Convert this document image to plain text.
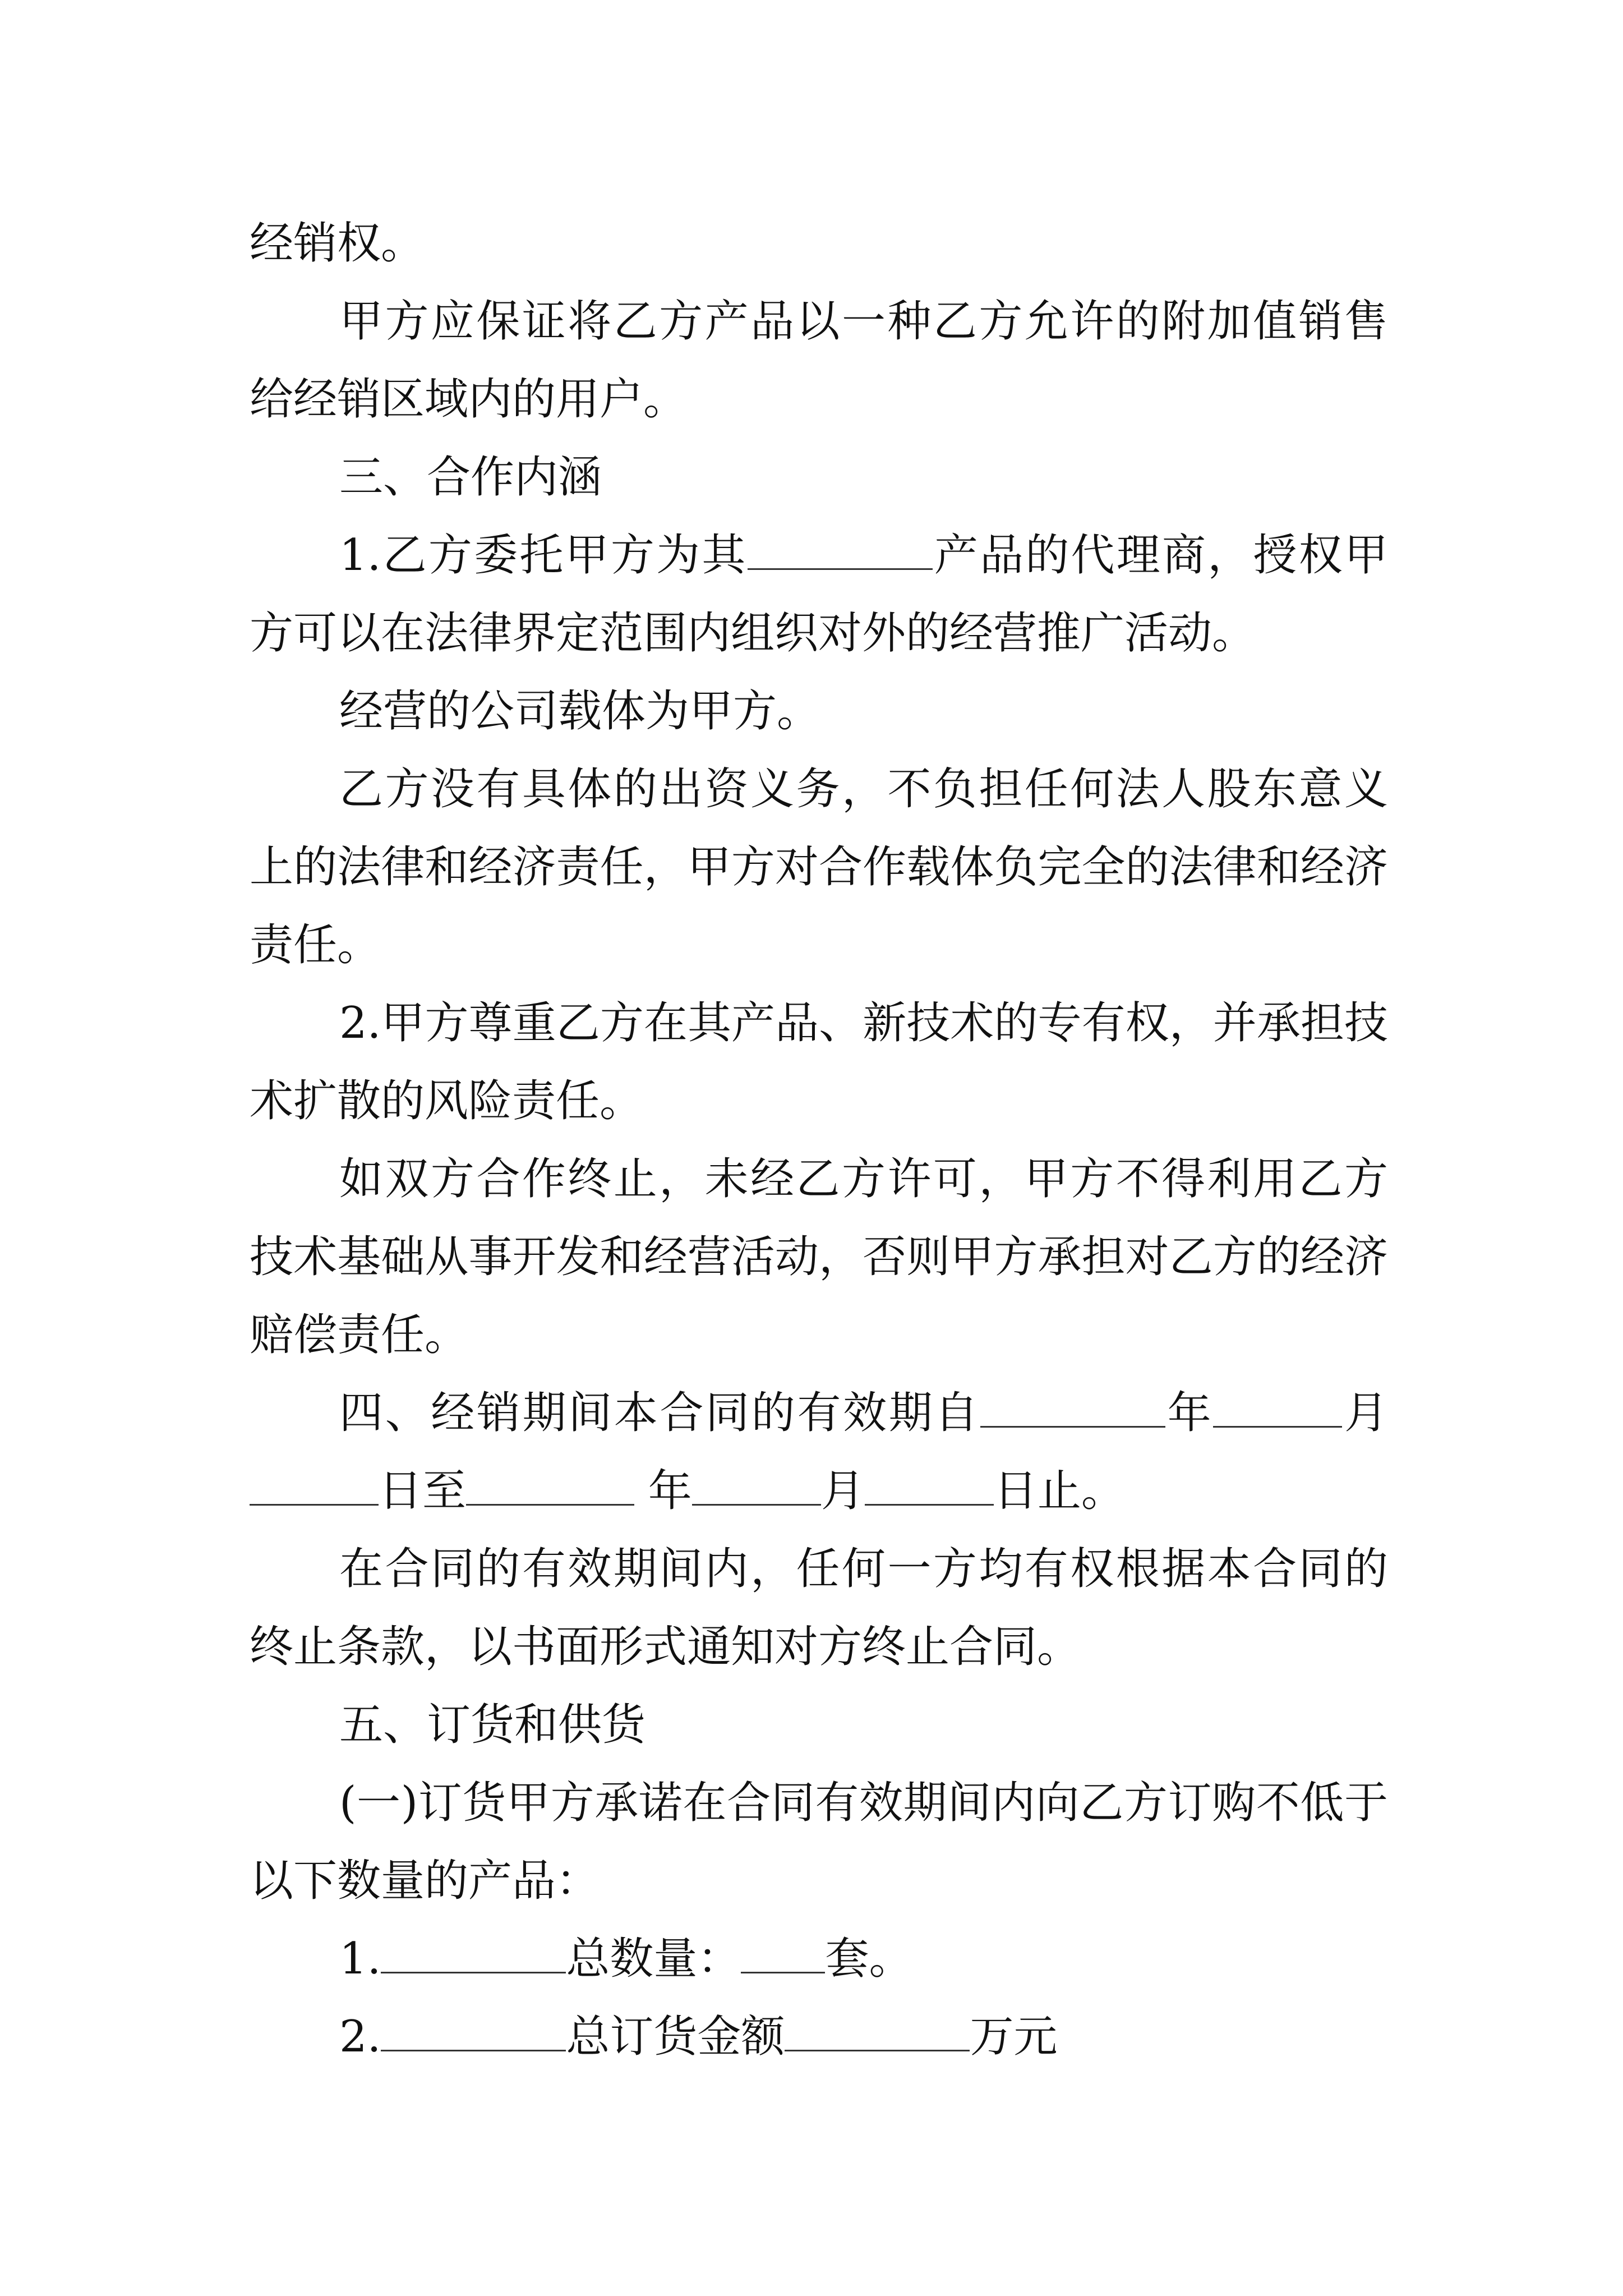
经销权。

甲方应保证将乙方产品以一种乙方允许的附加值销售给经销区域内的用户。

三、合作内涵

1.乙方委托甲方为其	产品的代理商，授权甲方可以在法律界定范围内组织对外的经营推广活动。

经营的公司载体为甲方。

乙方没有具体的出资义务，不负担任何法人股东意义上的法律和经济责任，甲方对合作载体负完全的法律和经济责任。

2.甲方尊重乙方在其产品、新技术的专有权，并承担技术扩散的风险责任。

如双方合作终止，未经乙方许可，甲方不得利用乙方技术基础从事开发和经营活动，否则甲方承担对乙方的经济赔偿责任。

四、经销期间本合同的有效期自	年	月日至	年	月	日止。

在合同的有效期间内，任何一方均有权根据本合同的终止条款，以书面形式通知对方终止合同。

五、订货和供货

(一)订货甲方承诺在合同有效期间内向乙方订购不低于以下数量的产品：

1.	总数量： 套。

2.	总订货金额	万元
